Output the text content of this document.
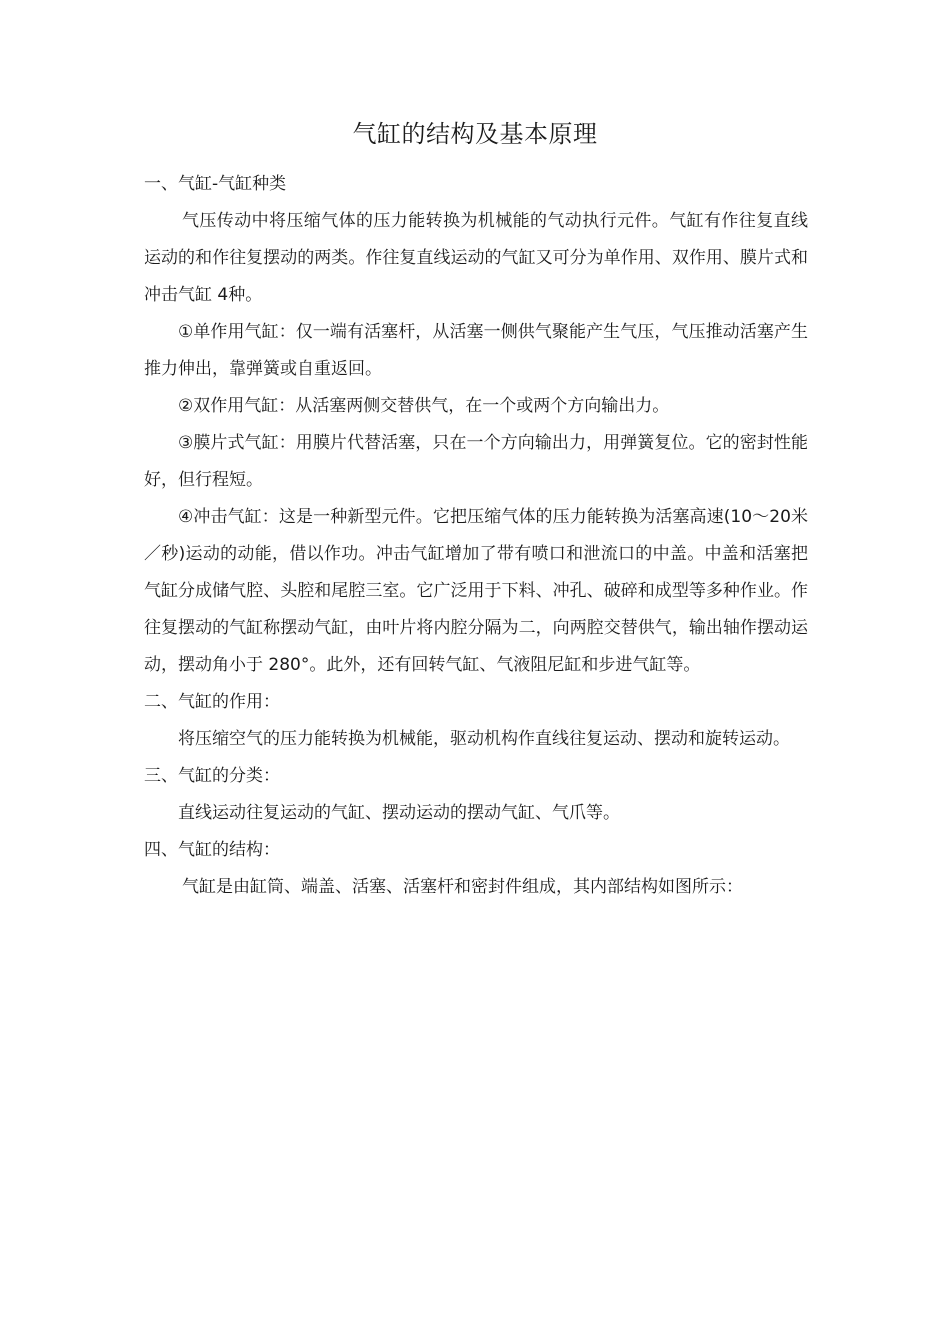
气缸的结构及基本原理

一、气缸-气缸种类

气压传动中将压缩气体的压力能转换为机械能的气动执行元件。气缸有作往复直线运动的和作往复摆动的两类。作往复直线运动的气缸又可分为单作用、双作用、膜片式和冲击气缸 4种。

①单作用气缸：仅一端有活塞杆，从活塞一侧供气聚能产生气压，气压推动活塞产生推力伸出，靠弹簧或自重返回。

②双作用气缸：从活塞两侧交替供气，在一个或两个方向输出力。

③膜片式气缸：用膜片代替活塞，只在一个方向输出力，用弹簧复位。它的密封性能好，但行程短。

④冲击气缸：这是一种新型元件。它把压缩气体的压力能转换为活塞高速(10～20米／秒)运动的动能，借以作功。冲击气缸增加了带有喷口和泄流口的中盖。中盖和活塞把气缸分成储气腔、头腔和尾腔三室。它广泛用于下料、冲孔、破碎和成型等多种作业。作往复摆动的气缸称摆动气缸，由叶片将内腔分隔为二，向两腔交替供气，输出轴作摆动运动，摆动角小于 280°。此外，还有回转气缸、气液阻尼缸和步进气缸等。

二、气缸的作用：

将压缩空气的压力能转换为机械能，驱动机构作直线往复运动、摆动和旋转运动。

三、气缸的分类：

直线运动往复运动的气缸、摆动运动的摆动气缸、气爪等。

四、气缸的结构：

气缸是由缸筒、端盖、活塞、活塞杆和密封件组成，其内部结构如图所示：
